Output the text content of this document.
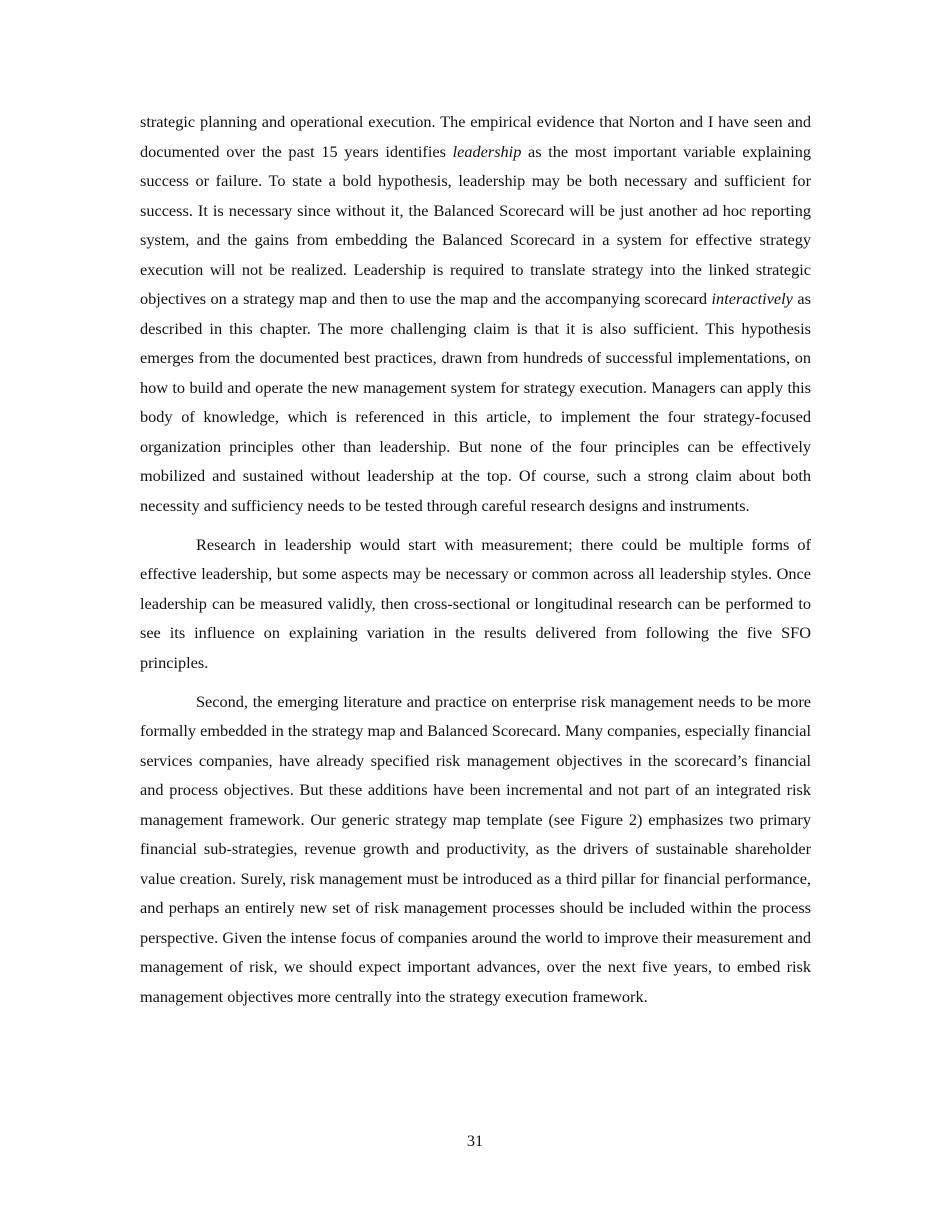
strategic planning and operational execution. The empirical evidence that Norton and I have seen and documented over the past 15 years identifies leadership as the most important variable explaining success or failure. To state a bold hypothesis, leadership may be both necessary and sufficient for success. It is necessary since without it, the Balanced Scorecard will be just another ad hoc reporting system, and the gains from embedding the Balanced Scorecard in a system for effective strategy execution will not be realized. Leadership is required to translate strategy into the linked strategic objectives on a strategy map and then to use the map and the accompanying scorecard interactively as described in this chapter. The more challenging claim is that it is also sufficient. This hypothesis emerges from the documented best practices, drawn from hundreds of successful implementations, on how to build and operate the new management system for strategy execution. Managers can apply this body of knowledge, which is referenced in this article, to implement the four strategy-focused organization principles other than leadership. But none of the four principles can be effectively mobilized and sustained without leadership at the top. Of course, such a strong claim about both necessity and sufficiency needs to be tested through careful research designs and instruments.

Research in leadership would start with measurement; there could be multiple forms of effective leadership, but some aspects may be necessary or common across all leadership styles. Once leadership can be measured validly, then cross-sectional or longitudinal research can be performed to see its influence on explaining variation in the results delivered from following the five SFO principles.

Second, the emerging literature and practice on enterprise risk management needs to be more formally embedded in the strategy map and Balanced Scorecard. Many companies, especially financial services companies, have already specified risk management objectives in the scorecard’s financial and process objectives. But these additions have been incremental and not part of an integrated risk management framework. Our generic strategy map template (see Figure 2) emphasizes two primary financial sub-strategies, revenue growth and productivity, as the drivers of sustainable shareholder value creation. Surely, risk management must be introduced as a third pillar for financial performance, and perhaps an entirely new set of risk management processes should be included within the process perspective. Given the intense focus of companies around the world to improve their measurement and management of risk, we should expect important advances, over the next five years, to embed risk management objectives more centrally into the strategy execution framework.

31
